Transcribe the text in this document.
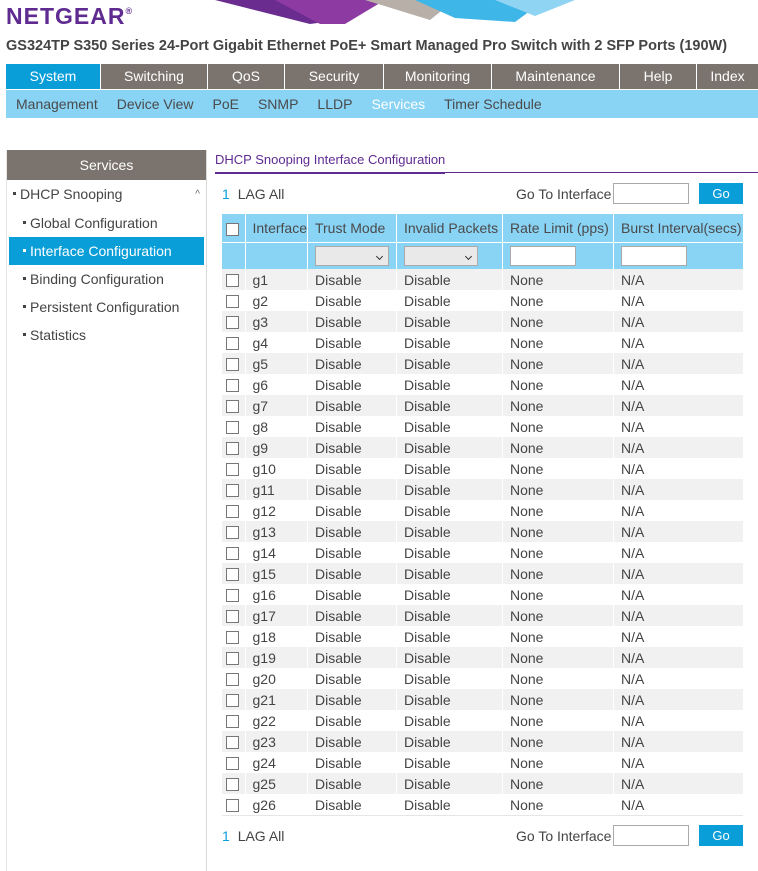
NETGEAR®
GS324TP S350 Series 24-Port Gigabit Ethernet PoE+ Smart Managed Pro Switch with 2 SFP Ports (190W)
System	Switching	QoS	Security	Monitoring	Maintenance	Help	Index
Management Device View PoE SNMP LLDP Services Timer Schedule
Services
DHCP Snooping	^
Global Configuration
Interface Configuration
Binding Configuration
Persistent Configuration
Statistics
DHCP Snooping Interface Configuration
1 LAG All	Go To Interface	Go
	Interface	Trust Mode	Invalid Packets	Rate Limit (pps)	Burst Interval(secs)

	g1	Disable	Disable	None	N/A
	g2	Disable	Disable	None	N/A
	g3	Disable	Disable	None	N/A
	g4	Disable	Disable	None	N/A
	g5	Disable	Disable	None	N/A
	g6	Disable	Disable	None	N/A
	g7	Disable	Disable	None	N/A
	g8	Disable	Disable	None	N/A
	g9	Disable	Disable	None	N/A
	g10	Disable	Disable	None	N/A
	g11	Disable	Disable	None	N/A
	g12	Disable	Disable	None	N/A
	g13	Disable	Disable	None	N/A
	g14	Disable	Disable	None	N/A
	g15	Disable	Disable	None	N/A
	g16	Disable	Disable	None	N/A
	g17	Disable	Disable	None	N/A
	g18	Disable	Disable	None	N/A
	g19	Disable	Disable	None	N/A
	g20	Disable	Disable	None	N/A
	g21	Disable	Disable	None	N/A
	g22	Disable	Disable	None	N/A
	g23	Disable	Disable	None	N/A
	g24	Disable	Disable	None	N/A
	g25	Disable	Disable	None	N/A
	g26	Disable	Disable	None	N/A
1 LAG All	Go To Interface	Go
